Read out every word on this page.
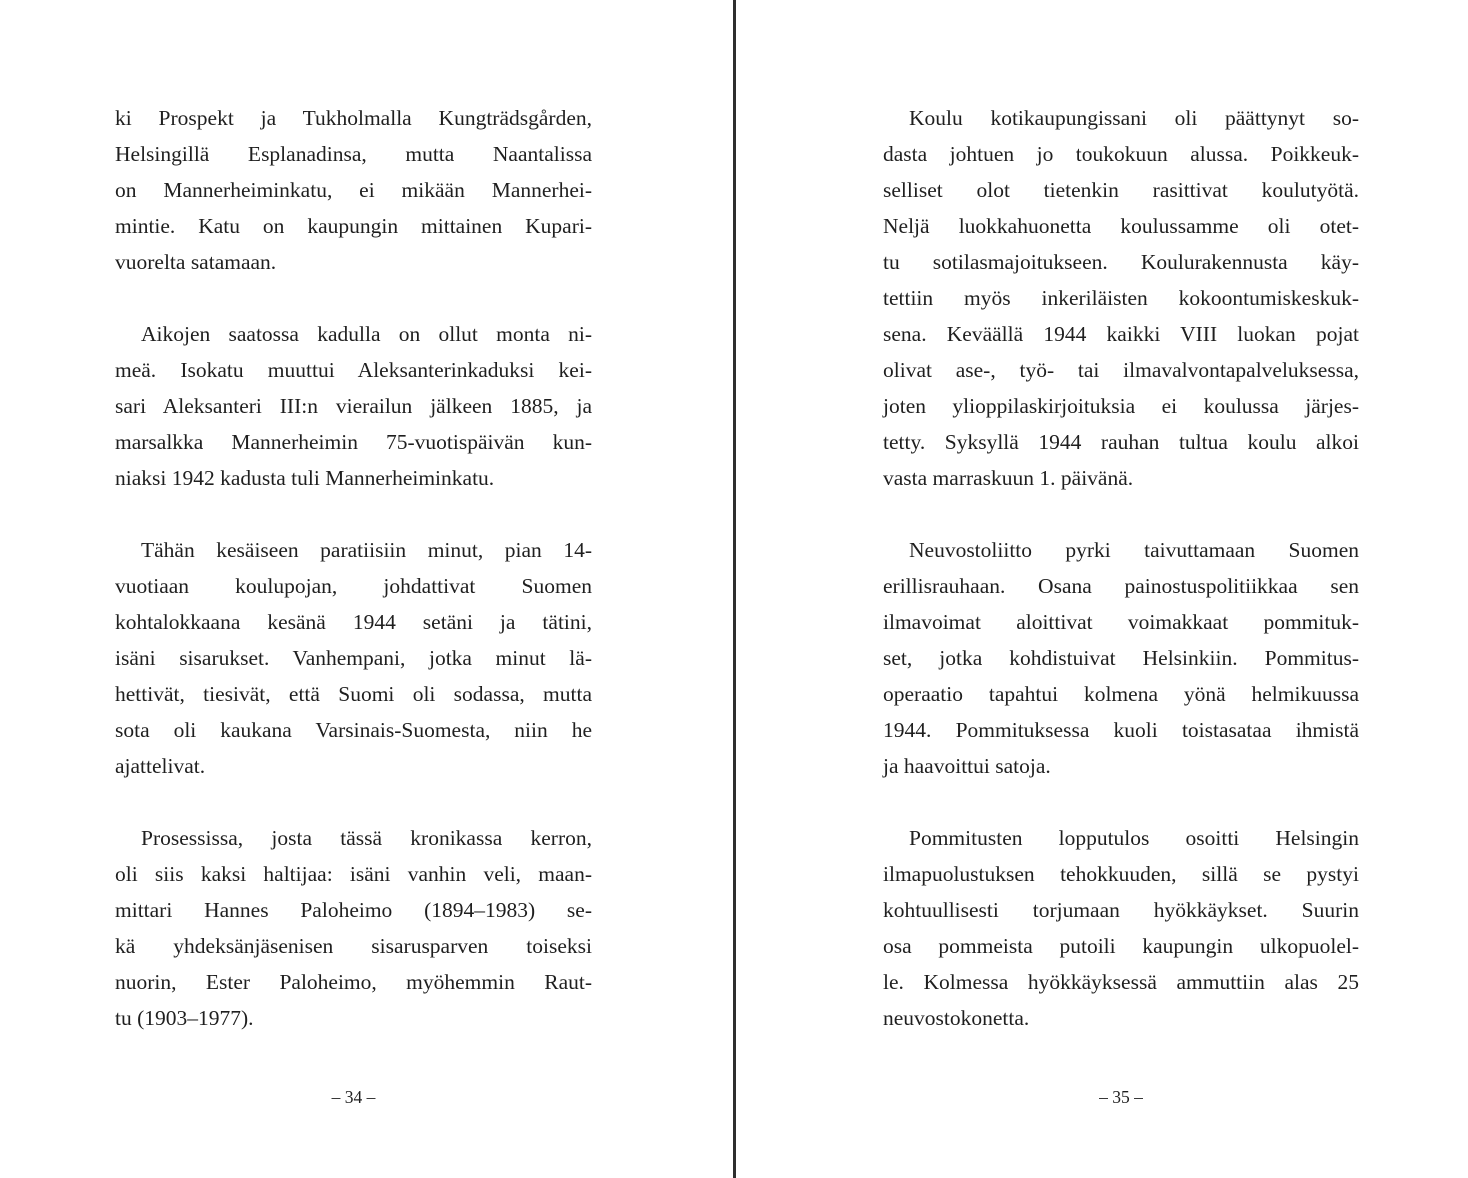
ki Prospekt ja Tukholmalla Kungträdsgården,
Helsingillä Esplanadinsa, mutta Naantalissa
on Mannerheiminkatu, ei mikään Mannerhei-
mintie. Katu on kaupungin mittainen Kupari-
vuorelta satamaan.
Aikojen saatossa kadulla on ollut monta ni-
meä. Isokatu muuttui Aleksanterinkaduksi kei-
sari Aleksanteri III:n vierailun jälkeen 1885, ja
marsalkka Mannerheimin 75-vuotispäivän kun-
niaksi 1942 kadusta tuli Mannerheiminkatu.
Tähän kesäiseen paratiisiin minut, pian 14-
vuotiaan koulupojan, johdattivat Suomen
kohtalokkaana kesänä 1944 setäni ja tätini,
isäni sisarukset. Vanhempani, jotka minut lä-
hettivät, tiesivät, että Suomi oli sodassa, mutta
sota oli kaukana Varsinais-Suomesta, niin he
ajattelivat.
Prosessissa, josta tässä kronikassa kerron,
oli siis kaksi haltijaa: isäni vanhin veli, maan-
mittari Hannes Paloheimo (1894–1983) se-
kä yhdeksänjäsenisen sisarusparven toiseksi
nuorin, Ester Paloheimo, myöhemmin Raut-
tu (1903–1977).
Koulu kotikaupungissani oli päättynyt so-
dasta johtuen jo toukokuun alussa. Poikkeuk-
selliset olot tietenkin rasittivat koulutyötä.
Neljä luokkahuonetta koulussamme oli otet-
tu sotilasmajoitukseen. Koulurakennusta käy-
tettiin myös inkeriläisten kokoontumiskeskuk-
sena. Keväällä 1944 kaikki VIII luokan pojat
olivat ase-, työ- tai ilmavalvontapalveluksessa,
joten ylioppilaskirjoituksia ei koulussa järjes-
tetty. Syksyllä 1944 rauhan tultua koulu alkoi
vasta marraskuun 1. päivänä.
Neuvostoliitto pyrki taivuttamaan Suomen
erillisrauhaan. Osana painostuspolitiikkaa sen
ilmavoimat aloittivat voimakkaat pommituk-
set, jotka kohdistuivat Helsinkiin. Pommitus-
operaatio tapahtui kolmena yönä helmikuussa
1944. Pommituksessa kuoli toistasataa ihmistä
ja haavoittui satoja.
Pommitusten lopputulos osoitti Helsingin
ilmapuolustuksen tehokkuuden, sillä se pystyi
kohtuullisesti torjumaan hyökkäykset. Suurin
osa pommeista putoili kaupungin ulkopuolel-
le. Kolmessa hyökkäyksessä ammuttiin alas 25
neuvostokonetta.
– 34 –	– 35 –
